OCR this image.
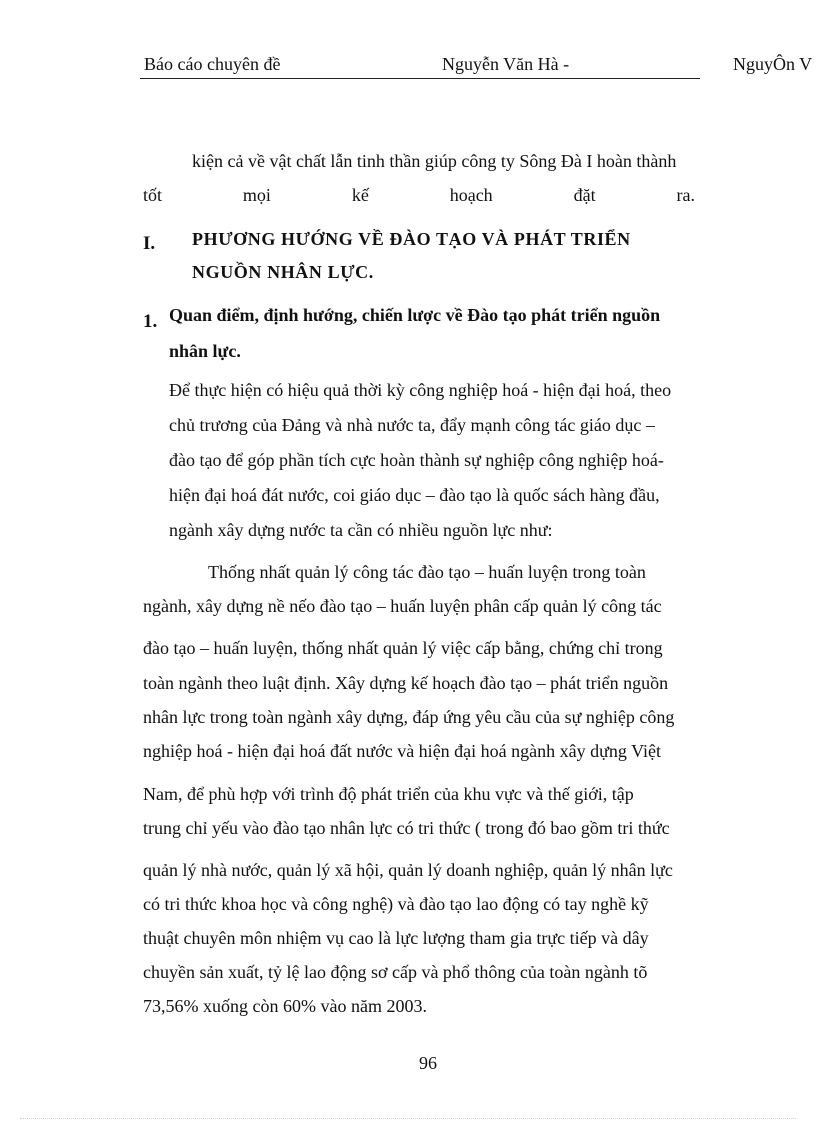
Báo cáo chuyên đề	Nguyễn Văn Hà -	NguyÔn V
kiện cả về vật chất lẫn tinh thần giúp công ty Sông Đà I hoàn thành
tốt	mọi	kế	hoạch	đặt	ra.
I. PHƯƠNG HƯỚNG VỀ ĐÀO TẠO VÀ PHÁT TRIỂN
NGUỒN NHÂN LỰC.
1. Quan điểm, định hướng, chiến lược về Đào tạo phát triển nguồn
nhân lực.
Để thực hiện có hiệu quả thời kỳ công nghiệp hoá - hiện đại hoá, theo
chủ trương của Đảng và nhà nước ta, đẩy mạnh công tác giáo dục –
đào tạo để góp phần tích cực hoàn thành sự nghiệp công nghiệp hoá-
hiện đại hoá đát nước, coi giáo dục – đào tạo là quốc sách hàng đầu,
ngành xây dựng nước ta cần có nhiều nguồn lực như:
Thống nhất quản lý công tác đào tạo – huấn luyện trong toàn
ngành, xây dựng nề nếo đào tạo – huấn luyện phân cấp quản lý công tác
đào tạo – huấn luyện, thống nhất quản lý việc cấp bằng, chứng chỉ trong
toàn ngành theo luật định. Xây dựng kế hoạch đào tạo – phát triển nguồn
nhân lực trong toàn ngành xây dựng, đáp ứng yêu cầu của sự nghiệp công
nghiệp hoá - hiện đại hoá đất nước và hiện đại hoá ngành xây dựng Việt
Nam, để phù hợp với trình độ phát triển của khu vực và thế giới, tập
trung chỉ yếu vào đào tạo nhân lực có tri thức ( trong đó bao gồm tri thức
quản lý nhà nước, quản lý xã hội, quản lý doanh nghiệp, quản lý nhân lực
có tri thức khoa học và công nghệ) và đào tạo lao động có tay nghề kỹ
thuật chuyên môn nhiệm vụ cao là lực lượng tham gia trực tiếp và dây
chuyền sản xuất, tỷ lệ lao động sơ cấp và phổ thông của toàn ngành tõ
73,56% xuống còn 60% vào năm 2003.
96
